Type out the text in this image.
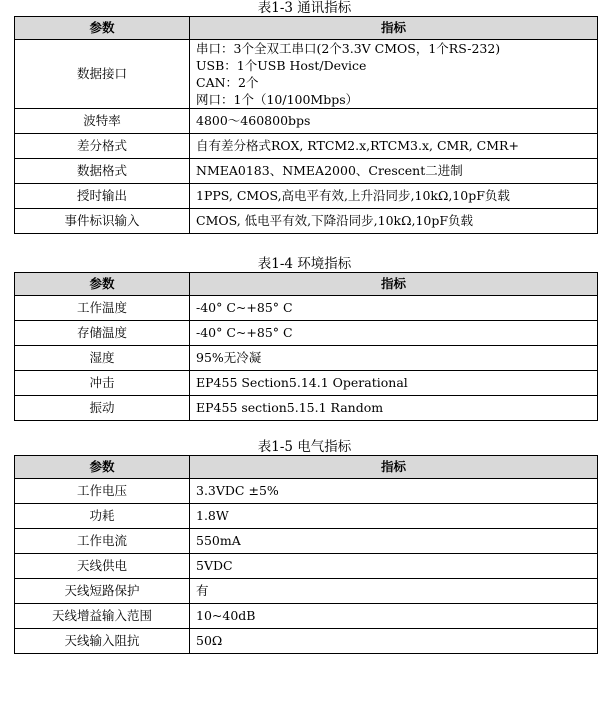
表1-3 通讯指标
参数	指标
数据接口	串口：3个全双工串口(2个3.3V CMOS，1个RS-232)
USB：1个USB Host/Device
CAN：2个
网口：1个（10/100Mbps）

波特率	4800～460800bps
差分格式	自有差分格式ROX, RTCM2.x,RTCM3.x, CMR, CMR+
数据格式	NMEA0183、NMEA2000、Crescent二进制
授时输出	1PPS, CMOS,高电平有效,上升沿同步,10kΩ,10pF负载
事件标识输入	CMOS, 低电平有效,下降沿同步,10kΩ,10pF负载
表1-4 环境指标
参数	指标
工作温度	-40° C~+85° C
存储温度	-40° C~+85° C
湿度	95%无冷凝
冲击	EP455 Section5.14.1 Operational
振动	EP455 section5.15.1 Random
表1-5 电气指标
参数	指标
工作电压	3.3VDC ±5%
功耗	1.8W
工作电流	550mA
天线供电	5VDC
天线短路保护	有
天线增益输入范围	10~40dB
天线输入阻抗	50Ω
